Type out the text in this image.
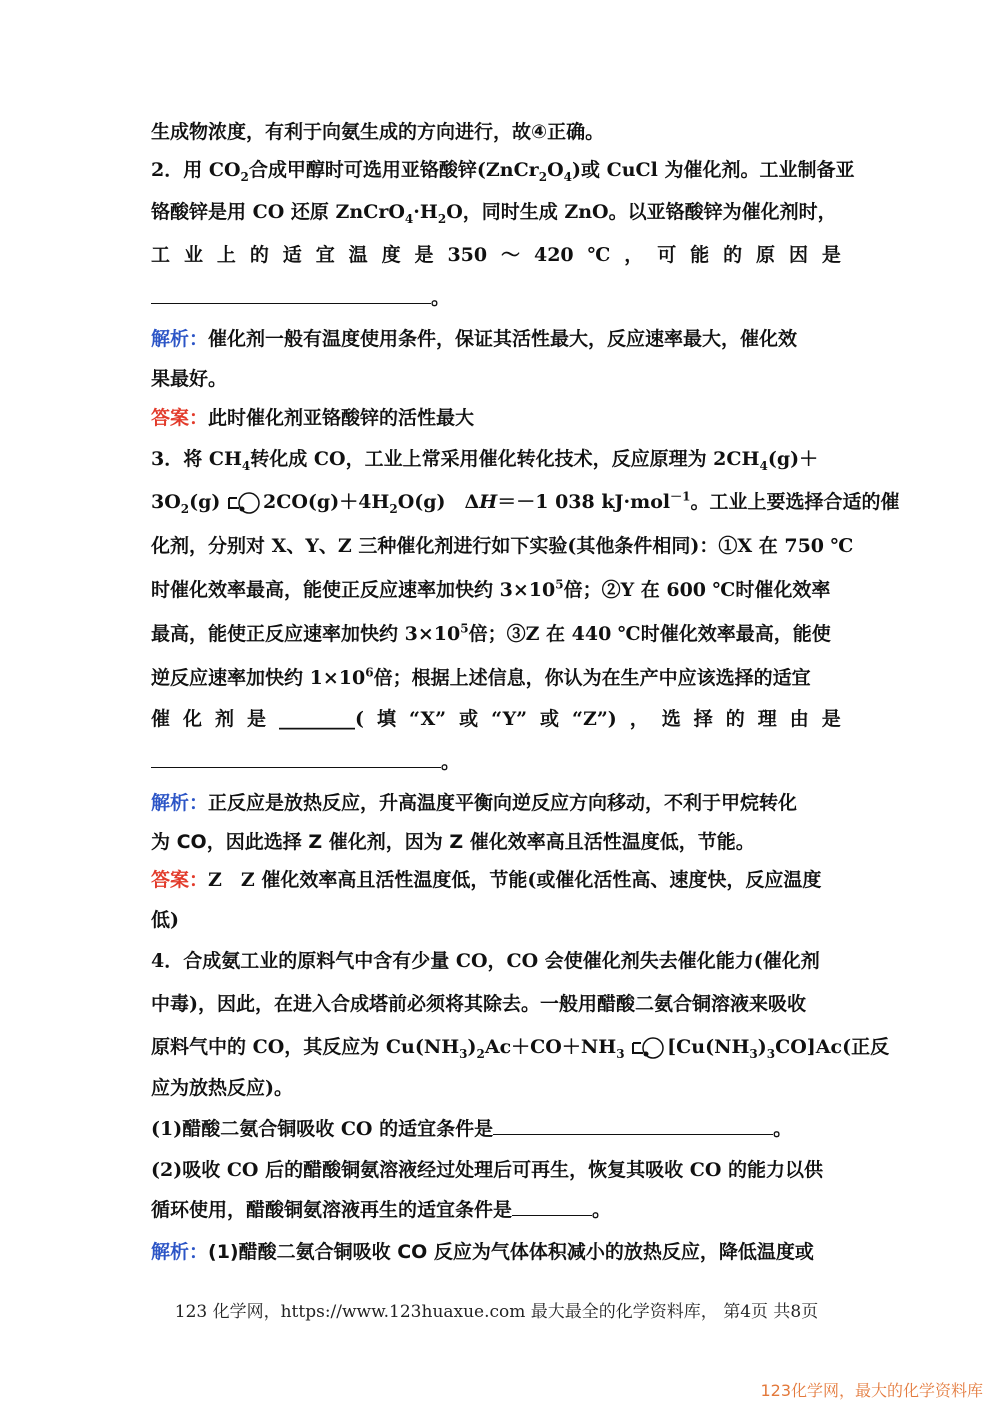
生成物浓度，有利于向氨生成的方向进行，故④正确。
2．用 $CO_2$合成甲醇时可选用亚铬酸锌$(ZnCr_2O_4)$或 CuCl 为催化剂。工业制备亚
铬酸锌是用 CO 还原 $ZnCrO_4\cdot H_2O$，同时生成 ZnO。以亚铬酸锌为催化剂时，
工 业 上 的 适 宜 温 度 是 350 ～ 420 ℃ ， 可 能 的 原 因 是
。
解析：催化剂一般有温度使用条件，保证其活性最大，反应速率最大，催化效
果最好。
答案：此时催化剂亚铬酸锌的活性最大
3．将 $CH_4$转化成 CO，工业上常采用催化转化技术，反应原理为 $2CH_4(g)+$
$3O_2(g)$ $2CO(g)+4H_2O(g)$　ΔH＝－1 038 kJ·mol$^{-1}$。工业上要选择合适的催
化剂，分别对 X、Y、Z 三种催化剂进行如下实验(其他条件相同)：①X 在 750 ℃
时催化效率最高，能使正反应速率加快约 $3\times 10^5$倍；②Y 在 600 ℃时催化效率
最高，能使正反应速率加快约 $3\times 10^5$倍；③Z 在 440 ℃时催化效率最高，能使
逆反应速率加快约 $1\times 10^6$倍；根据上述信息，你认为在生产中应该选择的适宜
催 化 剂 是 ________( 填 “X” 或 “Y” 或 “Z”) ， 选 择 的 理 由 是
。
解析：正反应是放热反应，升高温度平衡向逆反应方向移动，不利于甲烷转化
为 CO，因此选择 Z 催化剂，因为 Z 催化效率高且活性温度低，节能。
答案：Z　Z 催化效率高且活性温度低，节能(或催化活性高、速度快，反应温度
低)
4．合成氨工业的原料气中含有少量 CO，CO 会使催化剂失去催化能力(催化剂
中毒)，因此，在进入合成塔前必须将其除去。一般用醋酸二氨合铜溶液来吸收
原料气中的 CO，其反应为 $Cu(NH_3)_2Ac+CO+NH_3$ $[Cu(NH_3)_3CO]Ac$(正反
应为放热反应)。
(1)醋酸二氨合铜吸收 CO 的适宜条件是	。
(2)吸收 CO 后的醋酸铜氨溶液经过处理后可再生，恢复其吸收 CO 的能力以供
循环使用，醋酸铜氨溶液再生的适宜条件是	。
解析：(1)醋酸二氨合铜吸收 CO 反应为气体体积减小的放热反应，降低温度或
123 化学网，https://www.123huaxue.com 最大最全的化学资料库， 第4页 共8页
123化学网，最大的化学资料库
